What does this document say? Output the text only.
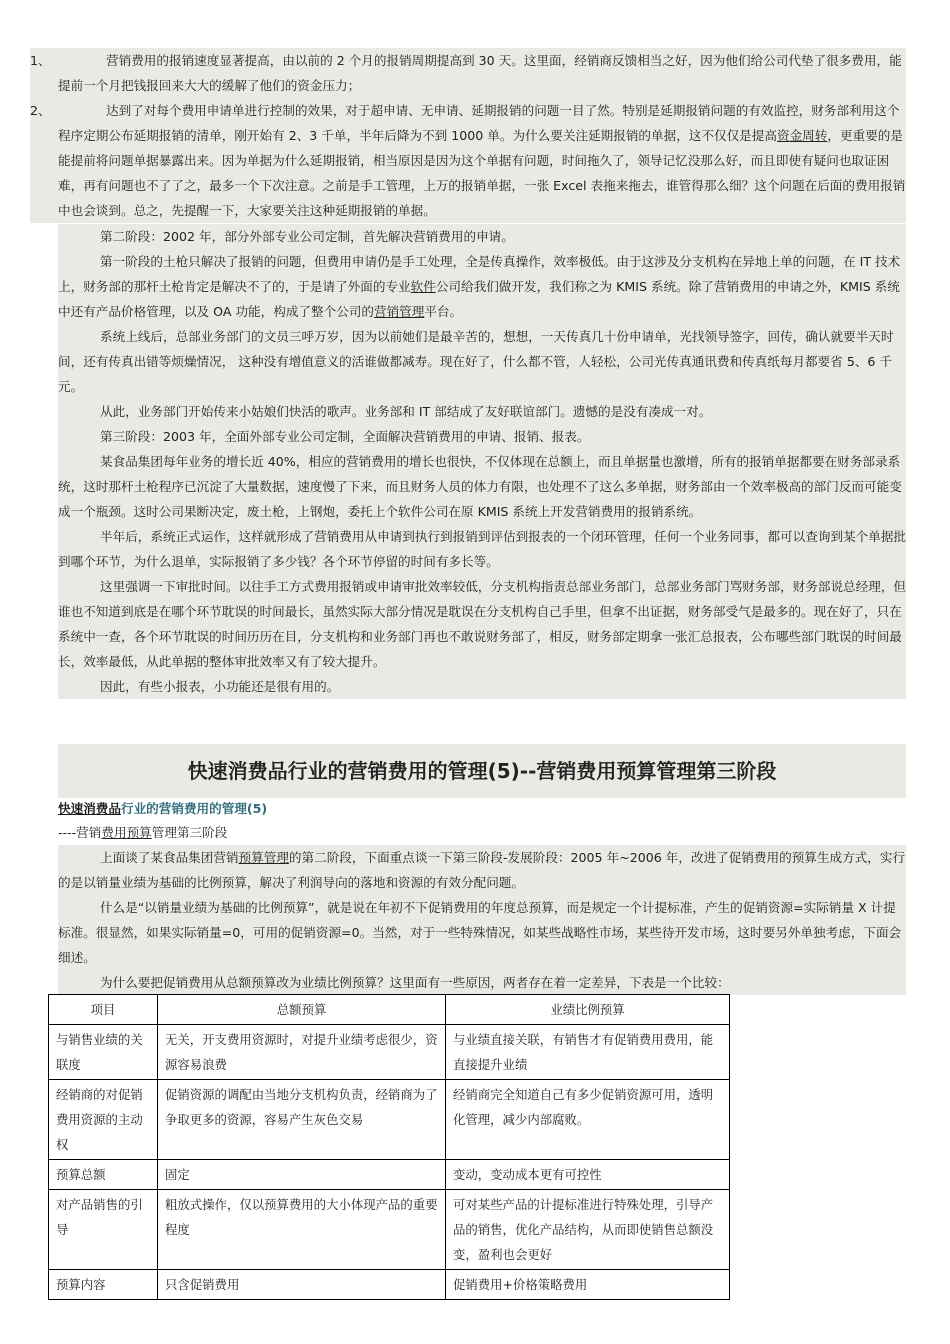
1、	营销费用的报销速度显著提高，由以前的 2 个月的报销周期提高到 30 天。这里面，经销商反馈相当之好，因为他们给公司代垫了很多费用，能提前一个月把钱报回来大大的缓解了他们的资金压力；
2、	达到了对每个费用申请单进行控制的效果，对于超申请、无申请、延期报销的问题一目了然。特别是延期报销问题的有效监控，财务部利用这个程序定期公布延期报销的清单，刚开始有 2、3 千单，半年后降为不到 1000 单。为什么要关注延期报销的单据，这不仅仅是提高资金周转，更重要的是能提前将问题单据暴露出来。因为单据为什么延期报销，相当原因是因为这个单据有问题，时间拖久了，领导记忆没那么好，而且即使有疑问也取证困难，再有问题也不了了之，最多一个下次注意。之前是手工管理，上万的报销单据，一张 Excel 表拖来拖去，谁管得那么细？这个问题在后面的费用报销中也会谈到。总之，先提醒一下，大家要关注这种延期报销的单据。
第二阶段：2002 年，部分外部专业公司定制，首先解决营销费用的申请。
第一阶段的土枪只解决了报销的问题，但费用申请仍是手工处理，全是传真操作，效率极低。由于这涉及分支机构在异地上单的问题，在 IT 技术上，财务部的那杆土枪肯定是解决不了的，于是请了外面的专业软件公司给我们做开发，我们称之为 KMIS 系统。除了营销费用的申请之外，KMIS 系统中还有产品价格管理，以及 OA 功能，构成了整个公司的营销管理平台。
系统上线后，总部业务部门的文员三呼万岁，因为以前她们是最辛苦的，想想，一天传真几十份申请单，光找领导签字，回传，确认就要半天时间，还有传真出错等烦燥情况， 这种没有增值意义的活谁做都减寿。现在好了，什么都不管，人轻松，公司光传真通讯费和传真纸每月都要省 5、6 千元。
从此，业务部门开始传来小姑娘们快活的歌声。业务部和 IT 部结成了友好联谊部门。遗憾的是没有凑成一对。
第三阶段：2003 年，全面外部专业公司定制，全面解决营销费用的申请、报销、报表。
某食品集团每年业务的增长近 40%，相应的营销费用的增长也很快，不仅体现在总额上，而且单据量也激增，所有的报销单据都要在财务部录系统，这时那杆土枪程序已沉淀了大量数据，速度慢了下来，而且财务人员的体力有限，也处理不了这么多单据，财务部由一个效率极高的部门反而可能变成一个瓶颈。这时公司果断决定，废土枪，上钢炮，委托上个软件公司在原 KMIS 系统上开发营销费用的报销系统。
半年后，系统正式运作，这样就形成了营销费用从申请到执行到报销到评估到报表的一个闭环管理，任何一个业务同事，都可以查询到某个单据批到哪个环节，为什么退单，实际报销了多少钱？各个环节停留的时间有多长等。
这里强调一下审批时间。以往手工方式费用报销或申请审批效率较低，分支机构指责总部业务部门，总部业务部门骂财务部，财务部说总经理，但谁也不知道到底是在哪个环节耽误的时间最长，虽然实际大部分情况是耽误在分支机构自己手里，但拿不出证据，财务部受气是最多的。现在好了，只在系统中一查，各个环节耽误的时间历历在目，分支机构和业务部门再也不敢说财务部了，相反，财务部定期拿一张汇总报表，公布哪些部门耽误的时间最长，效率最低，从此单据的整体审批效率又有了较大提升。
因此，有些小报表，小功能还是很有用的。
快速消费品行业的营销费用的管理(5)--营销费用预算管理第三阶段
快速消费品行业的营销费用的管理(5)
----营销费用预算管理第三阶段
上面谈了某食品集团营销预算管理的第二阶段，下面重点谈一下第三阶段-发展阶段：2005 年~2006 年，改进了促销费用的预算生成方式，实行的是以销量业绩为基础的比例预算，解决了利润导向的落地和资源的有效分配问题。
什么是“以销量业绩为基础的比例预算”，就是说在年初不下促销费用的年度总预算，而是规定一个计提标准，产生的促销资源=实际销量 X 计提标准。很显然，如果实际销量=0，可用的促销资源=0。当然，对于一些特殊情况，如某些战略性市场，某些待开发市场，这时要另外单独考虑，下面会细述。
为什么要把促销费用从总额预算改为业绩比例预算？这里面有一些原因，两者存在着一定差异，下表是一个比较：
项目	总额预算	业绩比例预算
与销售业绩的关联度	无关，开支费用资源时，对提升业绩考虑很少，资源容易浪费	与业绩直接关联，有销售才有促销费用费用，能直接提升业绩
经销商的对促销费用资源的主动权	促销资源的调配由当地分支机构负责，经销商为了争取更多的资源，容易产生灰色交易	经销商完全知道自己有多少促销资源可用，透明化管理，减少内部腐败。
预算总额	固定	变动，变动成本更有可控性
对产品销售的引导	粗放式操作，仅以预算费用的大小体现产品的重要程度	可对某些产品的计提标准进行特殊处理，引导产品的销售，优化产品结构，从而即使销售总额没变，盈利也会更好
预算内容	只含促销费用	促销费用+价格策略费用
